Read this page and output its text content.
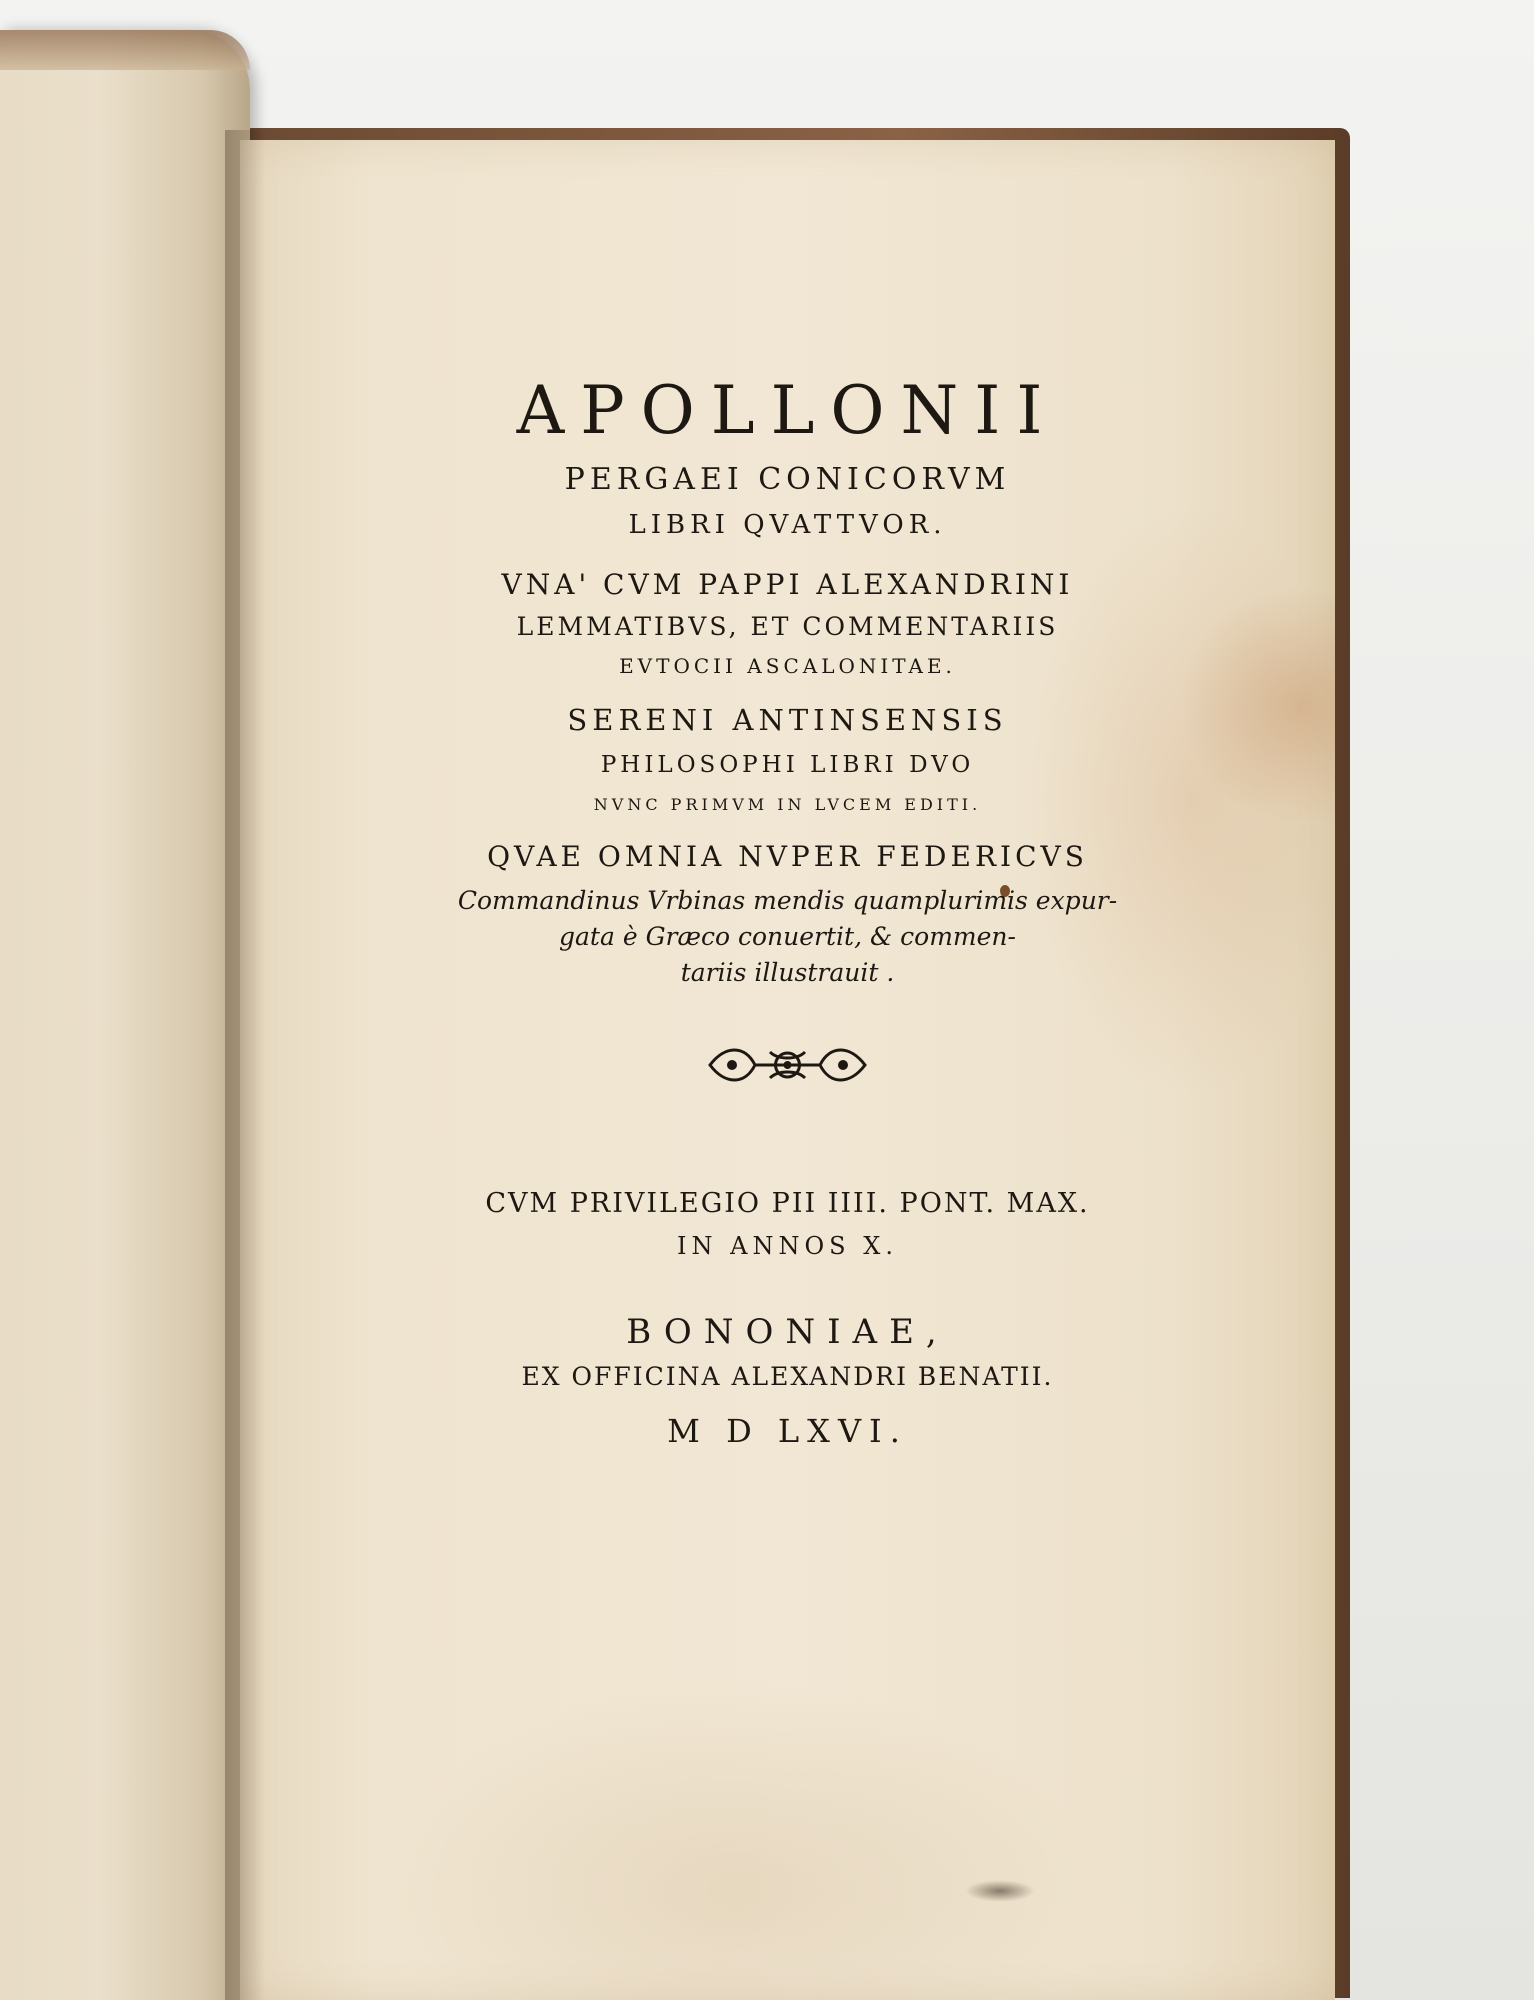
APOLLONII
PERGAEI CONICORVM
LIBRI QVATTVOR.
VNA' CVM PAPPI ALEXANDRINI
LEMMATIBVS, ET COMMENTARIIS
EVTOCII ASCALONITAE.
SERENI ANTINSENSIS
PHILOSOPHI LIBRI DVO
NVNC PRIMVM IN LVCEM EDITI.
QVAE OMNIA NVPER FEDERICVS
Commandinus Vrbinas mendis quamplurimis expur-
gata è Græco conuertit, & commen-
tariis illustrauit .
CVM PRIVILEGIO PII IIII. PONT. MAX.
IN ANNOS X.
BONONIAE,
EX OFFICINA ALEXANDRI BENATII.
M D LXVI.
